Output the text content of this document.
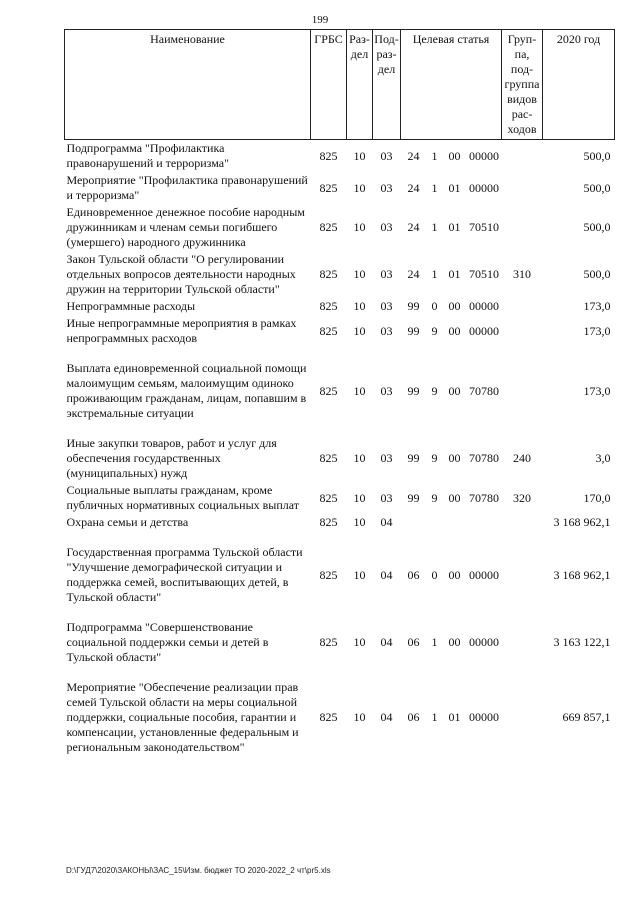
199
Наименование	ГРБС	Раз-дел	Под-раз-дел	Целевая статья				Груп-па, под-группа видов рас-ходов	2020 год
Подпрограмма "Профилактика правонарушений и терроризма"	825	10	03	24	1	00	00000		500,0
Мероприятие "Профилактика правонарушений и терроризма"	825	10	03	24	1	01	00000		500,0
Единовременное денежное пособие народным дружинникам и членам семьи погибшего (умершего) народного дружинника	825	10	03	24	1	01	70510		500,0
Закон Тульской области "О регулировании отдельных вопросов деятельности народных дружин на территории Тульской области"	825	10	03	24	1	01	70510	310	500,0
Непрограммные расходы	825	10	03	99	0	00	00000		173,0
Иные непрограммные мероприятия в рамках непрограммных расходов	825	10	03	99	9	00	00000		173,0
Выплата единовременной социальной помощи малоимущим семьям, малоимущим одиноко проживающим гражданам, лицам, попавшим в экстремальные ситуации	825	10	03	99	9	00	70780		173,0
Иные закупки товаров, работ и услуг для обеспечения государственных (муниципальных) нужд	825	10	03	99	9	00	70780	240	3,0
Социальные выплаты гражданам, кроме публичных нормативных социальных выплат	825	10	03	99	9	00	70780	320	170,0
Охрана семьи и детства	825	10	04						3 168 962,1
Государственная программа Тульской области "Улучшение демографической ситуации и поддержка семей, воспитывающих детей, в Тульской области"	825	10	04	06	0	00	00000		3 168 962,1
Подпрограмма "Совершенствование социальной поддержки семьи и детей в Тульской области"	825	10	04	06	1	00	00000		3 163 122,1
Мероприятие "Обеспечение реализации прав семей Тульской области на меры социальной поддержки, социальные пособия, гарантии и компенсации, установленные федеральным и региональным законодательством"	825	10	04	06	1	01	00000		669 857,1
D:\ГУД7\2020\ЗАКОНЫ\ЗАС_15\Изм. бюджет ТО 2020-2022_2 чт\pr5.xls
